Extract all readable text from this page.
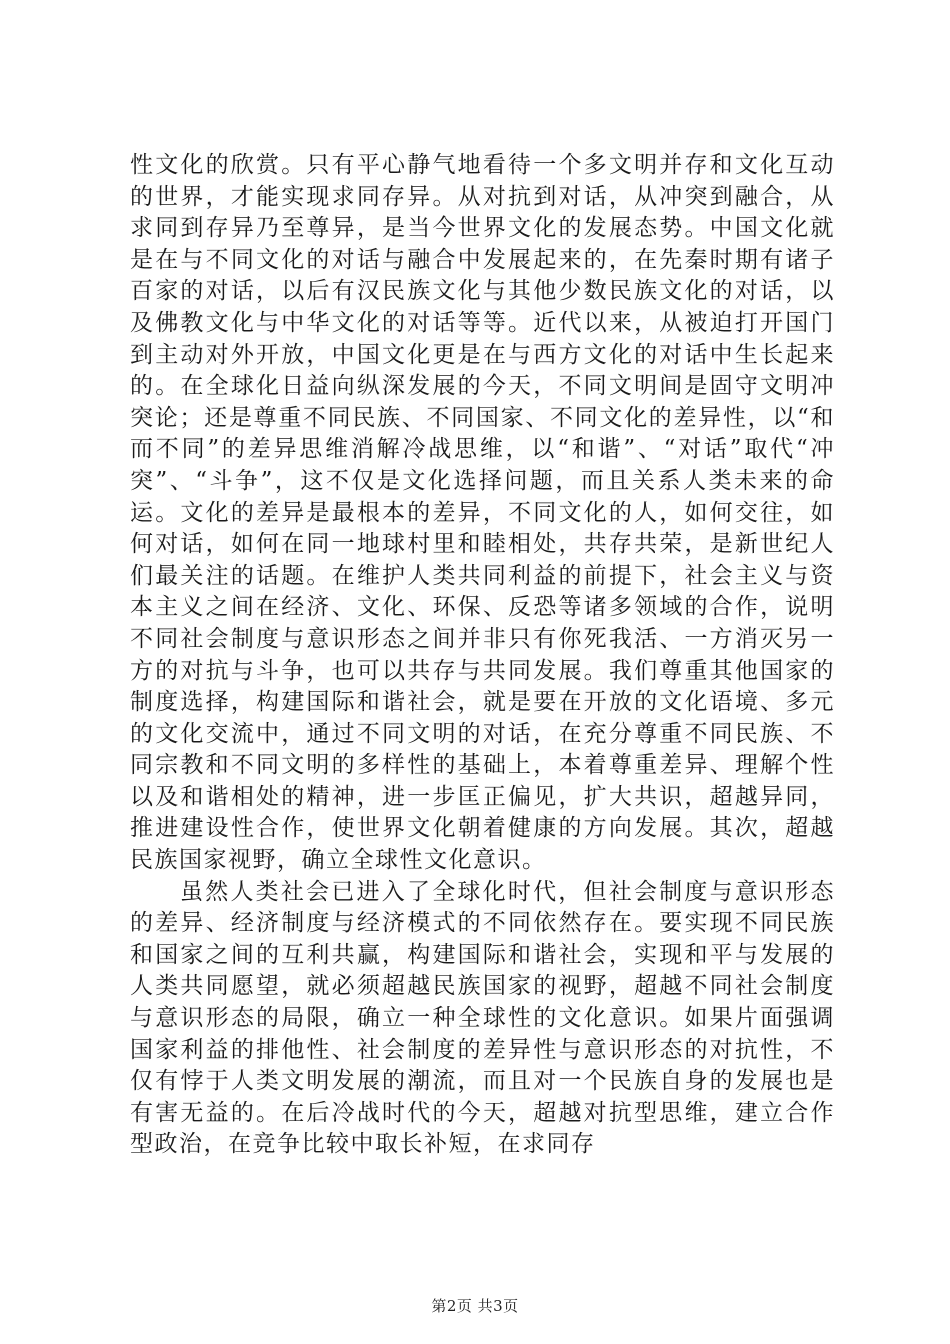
性文化的欣赏。只有平心静气地看待一个多文明并存和文化互动的世界，才能实现求同存异。从对抗到对话，从冲突到融合，从求同到存异乃至尊异，是当今世界文化的发展态势。中国文化就是在与不同文化的对话与融合中发展起来的，在先秦时期有诸子百家的对话，以后有汉民族文化与其他少数民族文化的对话，以及佛教文化与中华文化的对话等等。近代以来，从被迫打开国门到主动对外开放，中国文化更是在与西方文化的对话中生长起来的。在全球化日益向纵深发展的今天，不同文明间是固守文明冲突论；还是尊重不同民族、不同国家、不同文化的差异性，以“和而不同”的差异思维消解冷战思维，以“和谐”、“对话”取代“冲突”、“斗争”，这不仅是文化选择问题，而且关系人类未来的命运。文化的差异是最根本的差异，不同文化的人，如何交往，如何对话，如何在同一地球村里和睦相处，共存共荣，是新世纪人们最关注的话题。在维护人类共同利益的前提下，社会主义与资本主义之间在经济、文化、环保、反恐等诸多领域的合作，说明不同社会制度与意识形态之间并非只有你死我活、一方消灭另一方的对抗与斗争，也可以共存与共同发展。我们尊重其他国家的制度选择，构建国际和谐社会，就是要在开放的文化语境、多元的文化交流中，通过不同文明的对话，在充分尊重不同民族、不同宗教和不同文明的多样性的基础上，本着尊重差异、理解个性以及和谐相处的精神，进一步匡正偏见，扩大共识，超越异同，推进建设性合作，使世界文化朝着健康的方向发展。其次，超越民族国家视野，确立全球性文化意识。

虽然人类社会已进入了全球化时代，但社会制度与意识形态的差异、经济制度与经济模式的不同依然存在。要实现不同民族和国家之间的互利共赢，构建国际和谐社会，实现和平与发展的人类共同愿望，就必须超越民族国家的视野，超越不同社会制度与意识形态的局限，确立一种全球性的文化意识。如果片面强调国家利益的排他性、社会制度的差异性与意识形态的对抗性，不仅有悖于人类文明发展的潮流，而且对一个民族自身的发展也是有害无益的。在后冷战时代的今天，超越对抗型思维，建立合作型政治，在竞争比较中取长补短，在求同存

第2页 共3页
